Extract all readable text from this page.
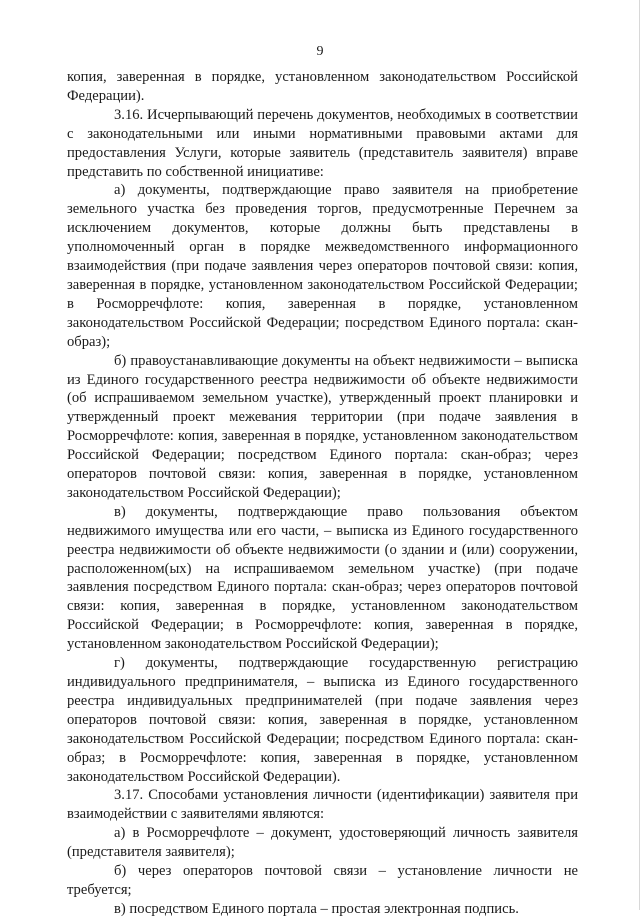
9

копия, заверенная в порядке, установленном законодательством Российской Федерации).

3.16. Исчерпывающий перечень документов, необходимых в соответствии с законодательными или иными нормативными правовыми актами для предоставления Услуги, которые заявитель (представитель заявителя) вправе представить по собственной инициативе:

а) документы, подтверждающие право заявителя на приобретение земельного участка без проведения торгов, предусмотренные Перечнем за исключением документов, которые должны быть представлены в уполномоченный орган в порядке межведомственного информационного взаимодействия (при подаче заявления через операторов почтовой связи: копия, заверенная в порядке, установленном законодательством Российской Федерации; в Росморречфлоте: копия, заверенная в порядке, установленном законодательством Российской Федерации; посредством Единого портала: скан-образ);

б) правоустанавливающие документы на объект недвижимости – выписка из Единого государственного реестра недвижимости об объекте недвижимости (об испрашиваемом земельном участке), утвержденный проект планировки и утвержденный проект межевания территории (при подаче заявления в Росморречфлоте: копия, заверенная в порядке, установленном законодательством Российской Федерации; посредством Единого портала: скан-образ; через операторов почтовой связи: копия, заверенная в порядке, установленном законодательством Российской Федерации);

в) документы, подтверждающие право пользования объектом недвижимого имущества или его части, – выписка из Единого государственного реестра недвижимости об объекте недвижимости (о здании и (или) сооружении, расположенном(ых) на испрашиваемом земельном участке) (при подаче заявления посредством Единого портала: скан-образ; через операторов почтовой связи: копия, заверенная в порядке, установленном законодательством Российской Федерации; в Росморречфлоте: копия, заверенная в порядке, установленном законодательством Российской Федерации);

г) документы, подтверждающие государственную регистрацию индивидуального предпринимателя, – выписка из Единого государственного реестра индивидуальных предпринимателей (при подаче заявления через операторов почтовой связи: копия, заверенная в порядке, установленном законодательством Российской Федерации; посредством Единого портала: скан-образ; в Росморречфлоте: копия, заверенная в порядке, установленном законодательством Российской Федерации).

3.17. Способами установления личности (идентификации) заявителя при взаимодействии с заявителями являются:

а) в Росморречфлоте – документ, удостоверяющий личность заявителя (представителя заявителя);

б) через операторов почтовой связи – установление личности не требуется;

в) посредством Единого портала – простая электронная подпись.
